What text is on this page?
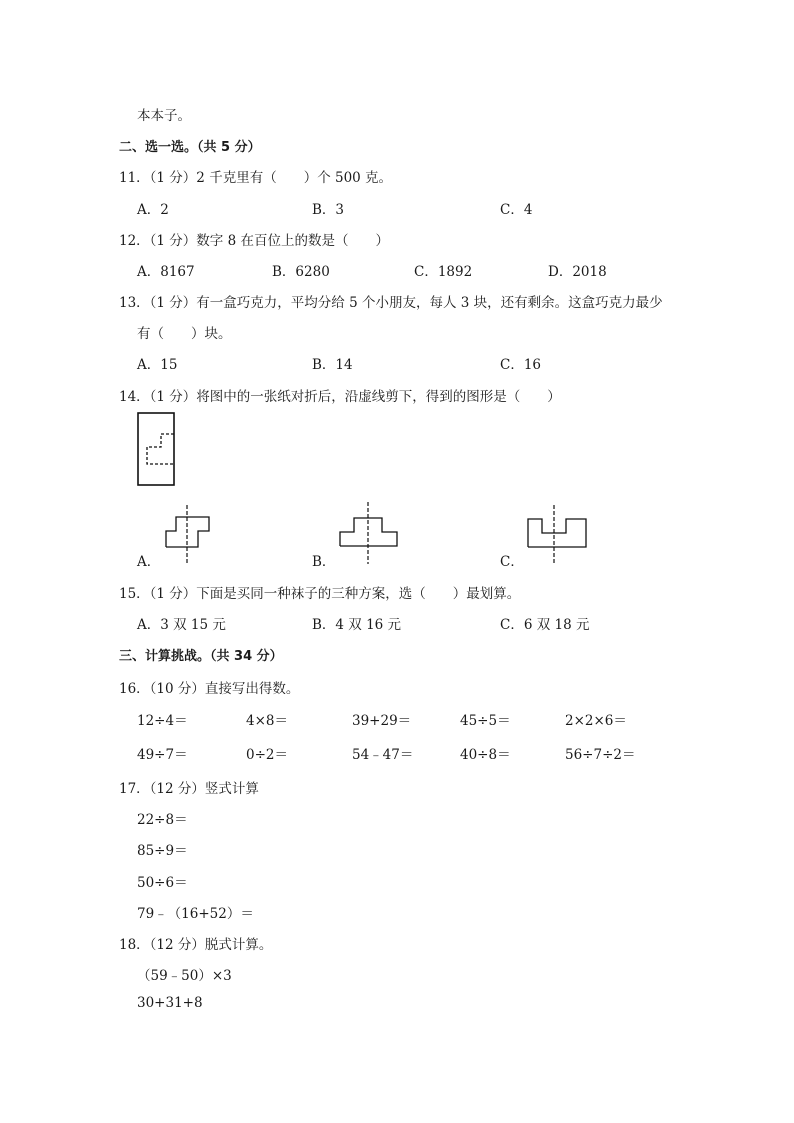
本本子。
二、选一选。（共 5 分）
11．（1 分）2 千克里有（　　）个 500 克。
A．2	B．3	C．4
12．（1 分）数字 8 在百位上的数是（　　）
A．8167	B．6280	C．1892	D．2018
13．（1 分）有一盒巧克力，平均分给 5 个小朋友，每人 3 块，还有剩余。这盒巧克力最少
有（　　）块。
A．15	B．14	C．16
14．（1 分）将图中的一张纸对折后，沿虚线剪下，得到的图形是（　　）
A．	B．	C．
15．（1 分）下面是买同一种袜子的三种方案，选（　　）最划算。
A．3 双 15 元	B．4 双 16 元	C．6 双 18 元
三、计算挑战。（共 34 分）
16．（10 分）直接写出得数。
12÷4＝	4×8＝	39+29＝	45÷5＝	2×2×6＝
49÷7＝	0÷2＝	54﹣47＝	40÷8＝	56÷7÷2＝
17．（12 分）竖式计算
22÷8＝
85÷9＝
50÷6＝
79﹣（16+52）＝
18．（12 分）脱式计算。
（59﹣50）×3
30+31+8
